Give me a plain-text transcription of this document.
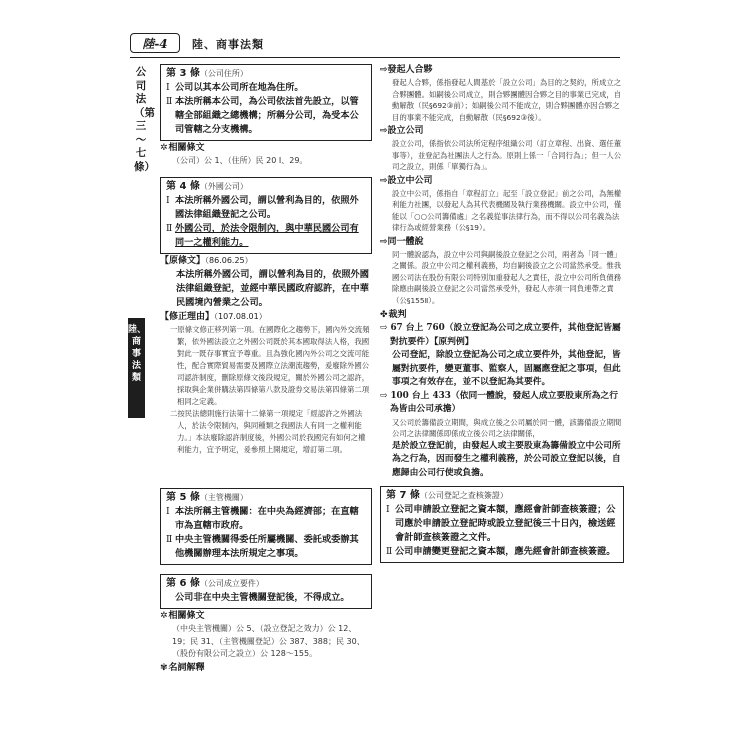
陸-4	陸、商事法類
公司法（第三～七條）
陸、商事法類
第 3 條（公司住所）
Ⅰ 公司以其本公司所在地為住所。
Ⅱ 本法所稱本公司，為公司依法首先設立，以管轄全部組織之總機構；所稱分公司，為受本公司管轄之分支機構。
✲相關條文
（公司）公 1、（住所）民 20 Ⅰ、29。
第 4 條（外國公司）
Ⅰ 本法所稱外國公司，謂以營利為目的，依照外國法律組織登記之公司。
Ⅱ 外國公司，於法令限制內，與中華民國公司有同一之權利能力。
【原條文】（86.06.25）
本法所稱外國公司，謂以營利為目的，依照外國法律組織登記，並經中華民國政府認許，在中華民國境內營業之公司。
【修正理由】（107.08.01）
一原條文修正移列第一項。在國際化之趨勢下，國內外交流頻繁，依外國法設立之外國公司既於其本國取得法人格，我國對此一既存事實宜予尊重。且為強化國內外公司之交流可能性，配合實際貿易需要及國際立法潮流趨勢，爰廢除外國公司認許制度，刪除原條文後段規定，關於外國公司之認許，採取與企業併購法第四條第八款及證券交易法第四條第二項相同之定義。
二按民法總則施行法第十二條第一項規定「經認許之外國法人，於法令限制內，與同種類之我國法人有同一之權利能力。」本法廢除認許制度後，外國公司於我國完有如何之權利能力，宜予明定，爰參照上開規定，增訂第二項。
第 5 條（主管機關）
Ⅰ 本法所稱主管機關：在中央為經濟部；在直轄市為直轄市政府。
Ⅱ 中央主管機關得委任所屬機關、委託或委辦其他機關辦理本法所規定之事項。
第 6 條（公司成立要件）
公司非在中央主管機關登記後，不得成立。
✲相關條文
（中央主管機關）公 5、（設立登記之效力）公 12、19；民 31、（主管機關登記）公 387、388；民 30、（股份有限公司之設立）公 128～155。
✾名詞解釋
⇨發起人合夥
發起人合夥，係指發起人間基於「設立公司」為目的之契約，所成立之合夥團體。如嗣後公司成立，則合夥團體因合夥之目的事業已完成，自動解散（民§692③前）；如嗣後公司不能成立，則合夥團體亦因合夥之目的事業不能完成，自動解散（民§692③後）。
⇨設立公司
設立公司，係指依公司法所定程序組織公司（訂立章程、出資、選任董事等），並登記為社團法人之行為。原則上係一「合同行為」；但一人公司之設立，則係「單獨行為」。
⇨設立中公司
設立中公司，係指自「章程訂立」起至「設立登記」前之公司，為無權利能力社團，以發起人為其代表機關及執行業務機關。設立中公司，僅能以「○○公司籌備處」之名義從事法律行為，而不得以公司名義為法律行為或經營業務（公§19）。
⇨同一體說
同一體說認為，設立中公司與嗣後設立登記之公司，兩者為「同一體」之關係。設立中公司之權利義務，均自嗣後設立之公司當然承受。惟我國公司法在股份有限公司特別加重發起人之責任，設立中公司所負債務除應由嗣後設立登記之公司當然承受外，發起人亦須一同負連帶之責（公§155Ⅱ）。
✤裁判
⇨ 67 台上 760（設立登記為公司之成立要件，其他登記皆屬對抗要件）【原判例】
公司登記，除設立登記為公司之成立要件外，其他登記，皆屬對抗要件，變更董事、監察人，固屬應登記之事項，但此事項之有效存在，並不以登記為其要件。
⇨ 100 台上 433（依同一體說，發起人成立要股東所為之行為皆由公司承擔）
又公司於籌備設立期間，與成立後之公司屬於同一體，該籌備設立期間公司之法律關係即係成立後公司之法律關係，
是於設立登記前，由發起人或主要股東為籌備設立中公司所為之行為，因而發生之權利義務，於公司設立登記以後，自應歸由公司行使或負擔。
第 7 條（公司登記之查核簽證）
Ⅰ 公司申請設立登記之資本額，應經會計師查核簽證；公司應於申請設立登記時或設立登記後三十日內，檢送經會計師查核簽證之文件。
Ⅱ 公司申請變更登記之資本額，應先經會計師查核簽證。
